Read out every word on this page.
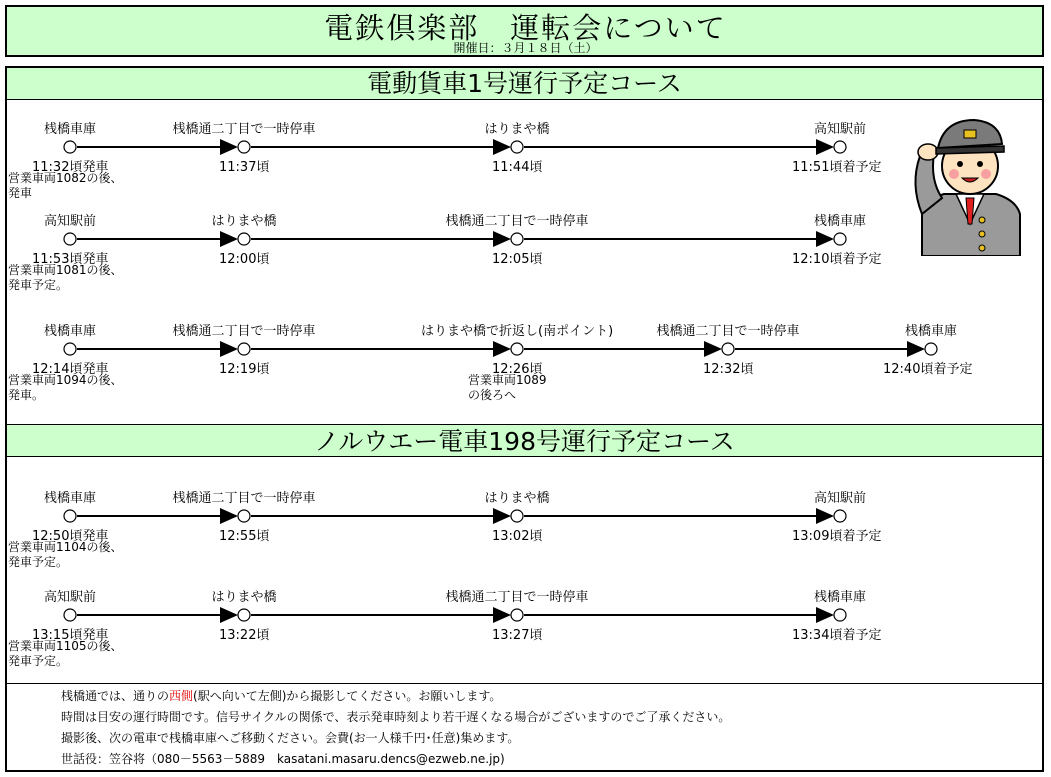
電鉄倶楽部　運転会について
開催日：３月１８日（土）
電動貨車1号運行予定コース
ノルウエー電車198号運行予定コース
営業車両1082の後、
発車
営業車両1081の後、
発車予定。
営業車両1094の後、
発車。
営業車両1089
の後ろへ
営業車両1104の後、
発車予定。
営業車両1105の後、
発車予定。
桟橋通では、通りの西側(駅へ向いて左側)から撮影してください。お願いします。
時間は目安の運行時間です。信号サイクルの関係で、表示発車時刻より若干遅くなる場合がございますのでご了承ください。
撮影後、次の電車で桟橋車庫へご移動ください。会費(お一人様千円･任意)集めます。
世話役：笠谷将（080－5563－5889　kasatani.masaru.dencs@ezweb.ne.jp)
桟橋車庫
11:32頃発車
桟橋通二丁目で一時停車
11:37頃
はりまや橋
11:44頃
高知駅前
11:51頃着予定
高知駅前
11:53頃発車
はりまや橋
12:00頃
桟橋通二丁目で一時停車
12:05頃
桟橋車庫
12:10頃着予定
桟橋車庫
12:14頃発車
桟橋通二丁目で一時停車
12:19頃
はりまや橋で折返し(南ポイント)
12:26頃
桟橋通二丁目で一時停車
12:32頃
桟橋車庫
12:40頃着予定
桟橋車庫
12:50頃発車
桟橋通二丁目で一時停車
12:55頃
はりまや橋
13:02頃
高知駅前
13:09頃着予定
高知駅前
13:15頃発車
はりまや橋
13:22頃
桟橋通二丁目で一時停車
13:27頃
桟橋車庫
13:34頃着予定
